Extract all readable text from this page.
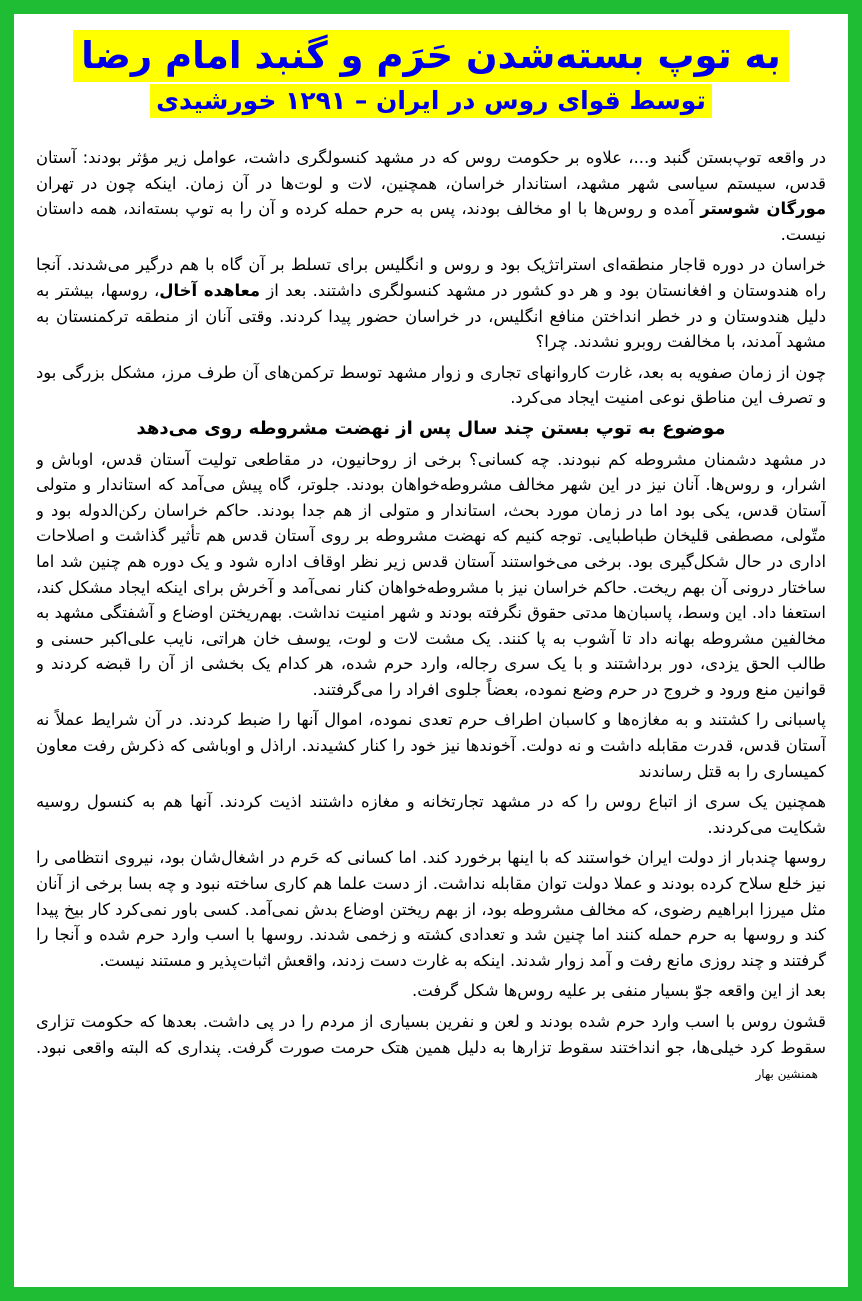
به توپ بسته‌شدن حَرَم و گنبد امام رضا
توسط قوای روس در ایران – ۱۲۹۱ خورشیدی

در واقعه توپ‌بستن گنبد و...، علاوه بر حکومت روس که در مشهد کنسولگری داشت، عوامل زیر مؤثر بودند: آستان قدس، سیستم سیاسی شهر مشهد، استاندار خراسان، همچنین، لات و لوت‌ها در آن زمان. اینکه چون در تهران مورگان شوستر آمده و روس‌ها با او مخالف بودند، پس به حرم حمله کرده و آن را به توپ بسته‌اند، همه داستان نیست.

خراسان در دوره قاجار منطقه‌ای استراتژیک بود و روس و انگلیس برای تسلط بر آن گاه با هم درگیر می‌شدند. آنجا راه هندوستان و افغانستان بود و هر دو کشور در مشهد کنسولگری داشتند. بعد از معاهده آخال، روسها، بیشتر به دلیل هندوستان و در خطر انداختن منافع انگلیس، در خراسان حضور پیدا کردند. وقتی آنان از منطقه ترکمنستان به مشهد آمدند، با مخالفت روبرو نشدند. چرا؟

چون از زمان صفویه به بعد، غارت کاروانهای تجاری و زوار مشهد توسط ترکمن‌های آن طرف مرز، مشکل بزرگی بود و تصرف این مناطق نوعی امنیت ایجاد می‌کرد.

موضوع به توپ بستن چند سال پس از نهضت مشروطه روی می‌دهد

در مشهد دشمنان مشروطه کم نبودند. چه کسانی؟ برخی از روحانیون، در مقاطعی تولیت آستان قدس، اوباش و اشرار، و روس‌ها. آنان نیز در این شهر مخالف مشروطه‌خواهان بودند. جلوتر، گاه پیش می‌آمد که استاندار و متولی آستان قدس، یکی بود اما در زمان مورد بحث، استاندار و متولی از هم جدا بودند. حاکم خراسان رکن‌الدوله بود و متّولی، مصطفی قلیخان طباطبایی. توجه کنیم که نهضت مشروطه بر روی آستان قدس هم تأثیر گذاشت و اصلاحات اداری در حال شکل‌گیری بود. برخی می‌خواستند آستان قدس زیر نظر اوقاف اداره شود و یک دوره هم چنین شد اما ساختار درونی آن بهم ریخت. حاکم خراسان نیز با مشروطه‌خواهان کنار نمی‌آمد و آخرش برای اینکه ایجاد مشکل کند، استعفا داد. این وسط، پاسبان‌ها مدتی حقوق نگرفته بودند و شهر امنیت نداشت. بهم‌ریختن اوضاع و آشفتگی مشهد به مخالفین مشروطه بهانه داد تا آشوب به پا کنند. یک مشت لات و لوت، یوسف خان هراتی، نایب علی‌اکبر حسنی و طالب الحق یزدی، دور برداشتند و با یک سری رجاله، وارد حرم شده، هر کدام یک بخشی از آن را قبضه کردند و قوانین منع ورود و خروج در حرم وضع نموده، بعضاً جلوی افراد را می‌گرفتند.

پاسبانی را کشتند و به مغازه‌ها و کاسبان اطراف حرم تعدی نموده، اموال آنها را ضبط کردند. در آن شرایط عملاً نه آستان قدس، قدرت مقابله داشت و نه دولت. آخوندها نیز خود را کنار کشیدند. اراذل و اوباشی که ذکرش رفت معاون کمیساری را به قتل رساندند

همچنین یک سری از اتباع روس را که در مشهد تجارتخانه و مغازه داشتند اذیت کردند. آنها هم به کنسول روسیه شکایت می‌کردند.

روسها چندبار از دولت ایران خواستند که با اینها برخورد کند. اما کسانی که حَرم در اشغال‌شان بود، نیروی انتظامی را نیز خلع سلاح کرده بودند و عملا دولت توان مقابله نداشت. از دست علما هم کاری ساخته نبود و چه بسا برخی از آنان مثل میرزا ابراهیم رضوی، که مخالف مشروطه بود، از بهم ریختن اوضاع بدش نمی‌آمد. کسی باور نمی‌کرد کار بیخ پیدا کند و روسها به حرم حمله کنند اما چنین شد و تعدادی کشته و زخمی شدند. روسها با اسب وارد حرم شده و آنجا را گرفتند و چند روزی مانع رفت و آمد زوار شدند. اینکه به غارت دست زدند، واقعش اثبات‌پذیر و مستند نیست.

بعد از این واقعه جوّ بسیار منفی بر علیه روس‌ها شکل گرفت.

قشون روس با اسب وارد حرم شده بودند و لعن و نفرین بسیاری از مردم را در پی داشت. بعدها که حکومت تزاری سقوط کرد خیلی‌ها، جو انداختند سقوط تزارها به دلیل همین هتک حرمت صورت گرفت. پنداری که البته واقعی نبود. همنشین بهار
